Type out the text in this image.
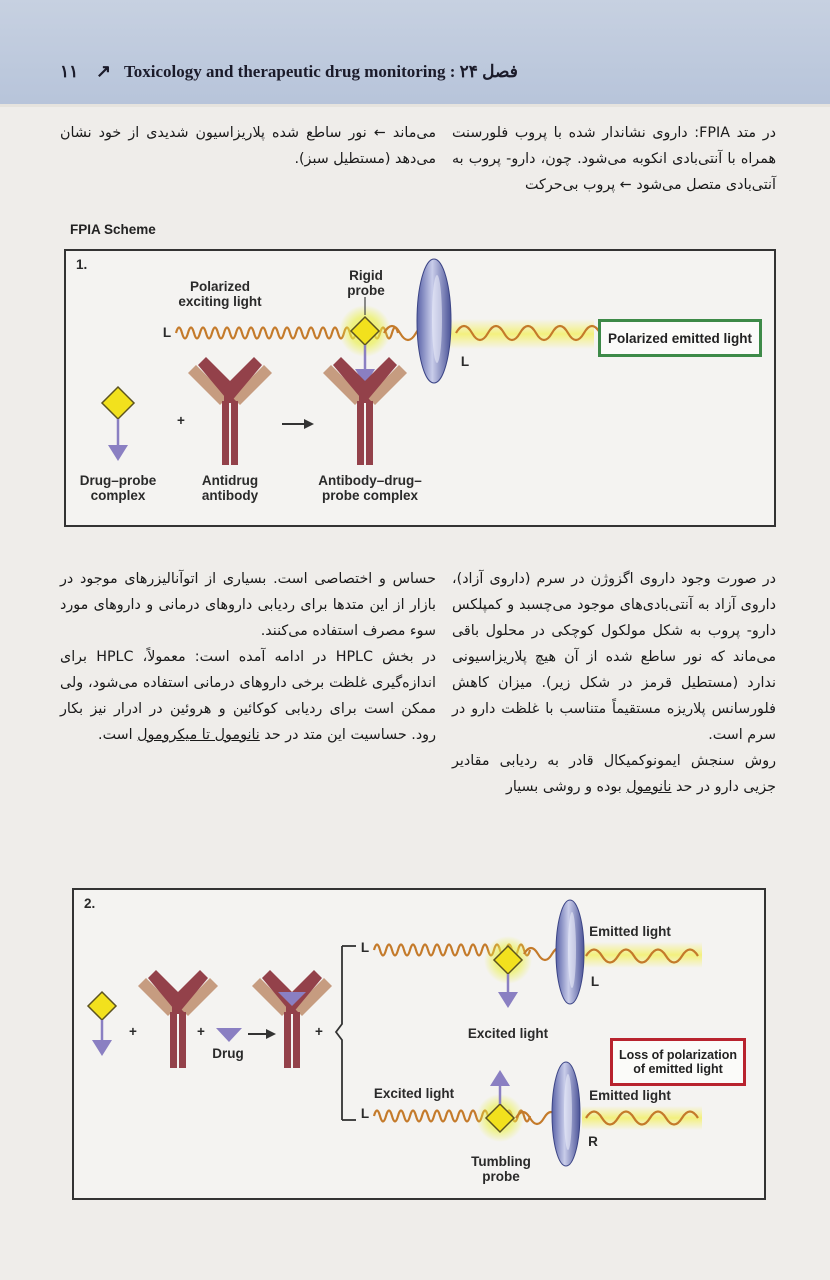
۱۱ ↗ Toxicology and therapeutic drug monitoring : فصل ۲۴

در متد FPIA: داروی نشاندار شده با پروب فلورسنت همراه با آنتی‌بادی انکوبه می‌شود. چون، دارو- پروب به آنتی‌بادی متصل می‌شود ← پروب بی‌حرکت

می‌ماند ← نور ساطع شده پلاریزاسیون شدیدی از خود نشان می‌دهد (مستطیل سبز).

FPIA Scheme
1.
Polarized
exciting light
Rigid
probe
L
L
+
Drug–probe
complex
Antidrug
antibody
Antibody–drug–
probe complex
Polarized emitted light

در صورت وجود داروی اگزوژن در سرم (داروی آزاد)، داروی آزاد به آنتی‌بادی‌های موجود می‌چسبد و کمپلکس دارو- پروب به شکل مولکول کوچکی در محلول باقی می‌ماند که نور ساطع شده از آن هیچ پلاریزاسیونی ندارد (مستطیل قرمز در شکل زیر). میزان کاهش فلورسانس پلاریزه مستقیماً متناسب با غلظت دارو در سرم است.

روش سنجش ایمونوکمیکال قادر به ردیابی مقادیر جزیی دارو در حد نانومول بوده و روشی بسیار

حساس و اختصاصی است. بسیاری از اتوآنالیزرهای موجود در بازار از این متدها برای ردیابی داروهای درمانی و داروهای مورد سوء مصرف استفاده می‌کنند.

در بخش HPLC در ادامه آمده است: معمولاً، HPLC برای اندازه‌گیری غلظت برخی داروهای درمانی استفاده می‌شود، ولی ممکن است برای ردیابی کوکائین و هروئین در ادرار نیز بکار رود. حساسیت این متد در حد نانومول تا میکرومول است.

2.
+	+	+
Drug
L
L
Excited light
Excited light
Emitted light
Emitted light
L
R
Tumbling
probe
Loss of polarization
of emitted light
